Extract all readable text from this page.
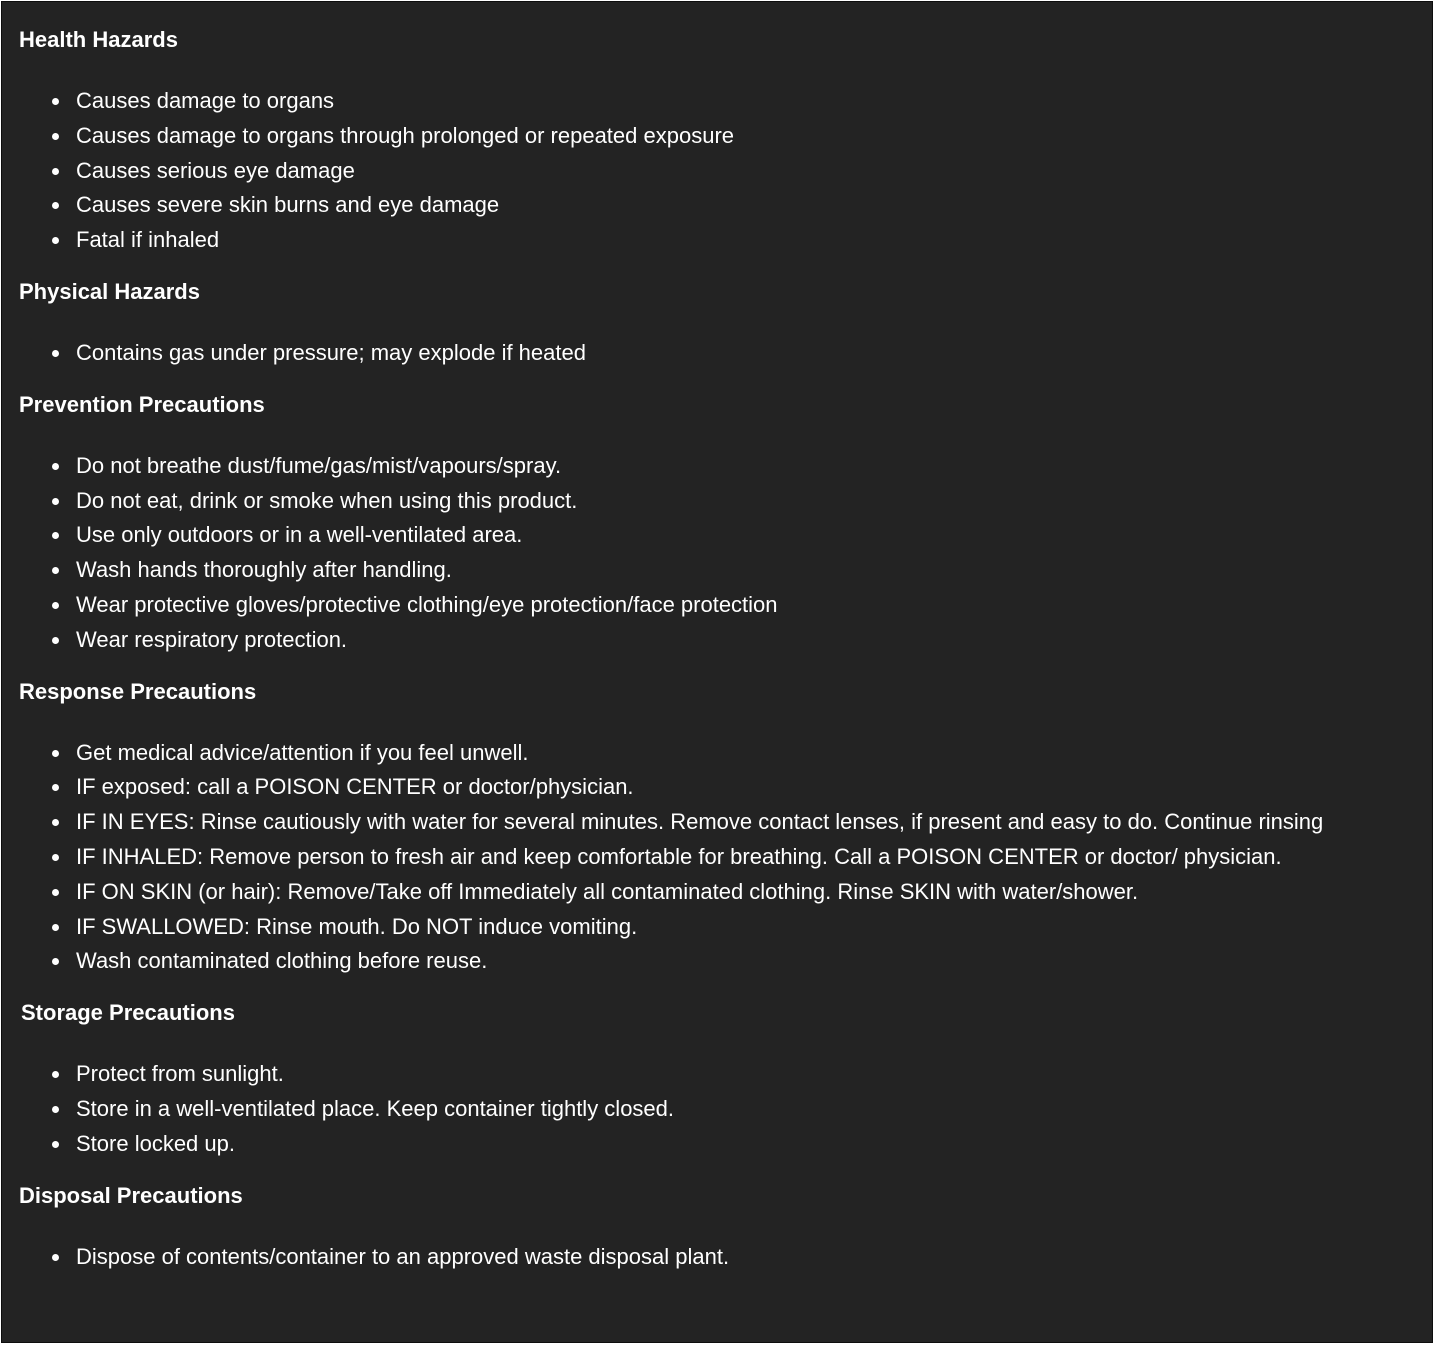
Health Hazards
Causes damage to organs
Causes damage to organs through prolonged or repeated exposure
Causes serious eye damage
Causes severe skin burns and eye damage
Fatal if inhaled
Physical Hazards
Contains gas under pressure; may explode if heated
Prevention Precautions
Do not breathe dust/fume/gas/mist/vapours/spray.
Do not eat, drink or smoke when using this product.
Use only outdoors or in a well-ventilated area.
Wash hands thoroughly after handling.
Wear protective gloves/protective clothing/eye protection/face protection
Wear respiratory protection.
Response Precautions
Get medical advice/attention if you feel unwell.
IF exposed: call a POISON CENTER or doctor/physician.
IF IN EYES: Rinse cautiously with water for several minutes. Remove contact lenses, if present and easy to do. Continue rinsing
IF INHALED: Remove person to fresh air and keep comfortable for breathing. Call a POISON CENTER or doctor/ physician.
IF ON SKIN (or hair): Remove/Take off Immediately all contaminated clothing. Rinse SKIN with water/shower.
IF SWALLOWED: Rinse mouth. Do NOT induce vomiting.
Wash contaminated clothing before reuse.
Storage Precautions
Protect from sunlight.
Store in a well-ventilated place. Keep container tightly closed.
Store locked up.
Disposal Precautions
Dispose of contents/container to an approved waste disposal plant.
